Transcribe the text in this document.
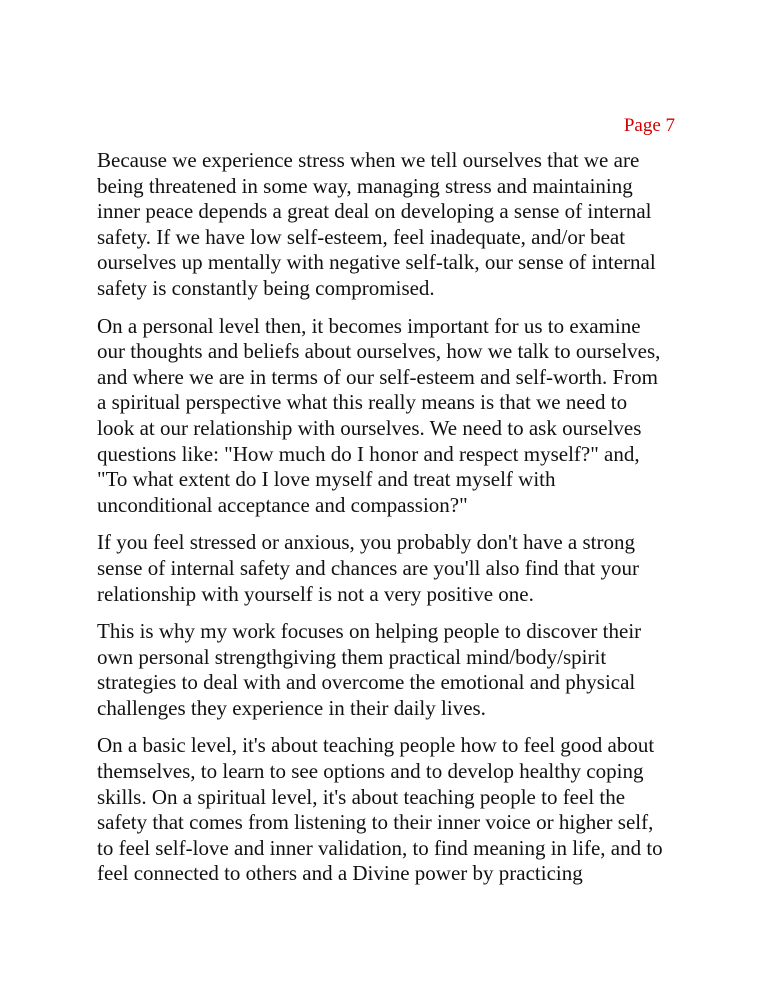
Page 7

Because we experience stress when we tell ourselves that we are
being threatened in some way, managing stress and maintaining
inner peace depends a great deal on developing a sense of internal
safety. If we have low self-esteem, feel inadequate, and/or beat
ourselves up mentally with negative self-talk, our sense of internal
safety is constantly being compromised.

On a personal level then, it becomes important for us to examine
our thoughts and beliefs about ourselves, how we talk to ourselves,
and where we are in terms of our self-esteem and self-worth. From
a spiritual perspective what this really means is that we need to
look at our relationship with ourselves. We need to ask ourselves
questions like: "How much do I honor and respect myself?" and,
"To what extent do I love myself and treat myself with
unconditional acceptance and compassion?"

If you feel stressed or anxious, you probably don't have a strong
sense of internal safety and chances are you'll also find that your
relationship with yourself is not a very positive one.

This is why my work focuses on helping people to discover their
own personal strengthgiving them practical mind/body/spirit
strategies to deal with and overcome the emotional and physical
challenges they experience in their daily lives.

On a basic level, it's about teaching people how to feel good about
themselves, to learn to see options and to develop healthy coping
skills. On a spiritual level, it's about teaching people to feel the
safety that comes from listening to their inner voice or higher self,
to feel self-love and inner validation, to find meaning in life, and to
feel connected to others and a Divine power by practicing
